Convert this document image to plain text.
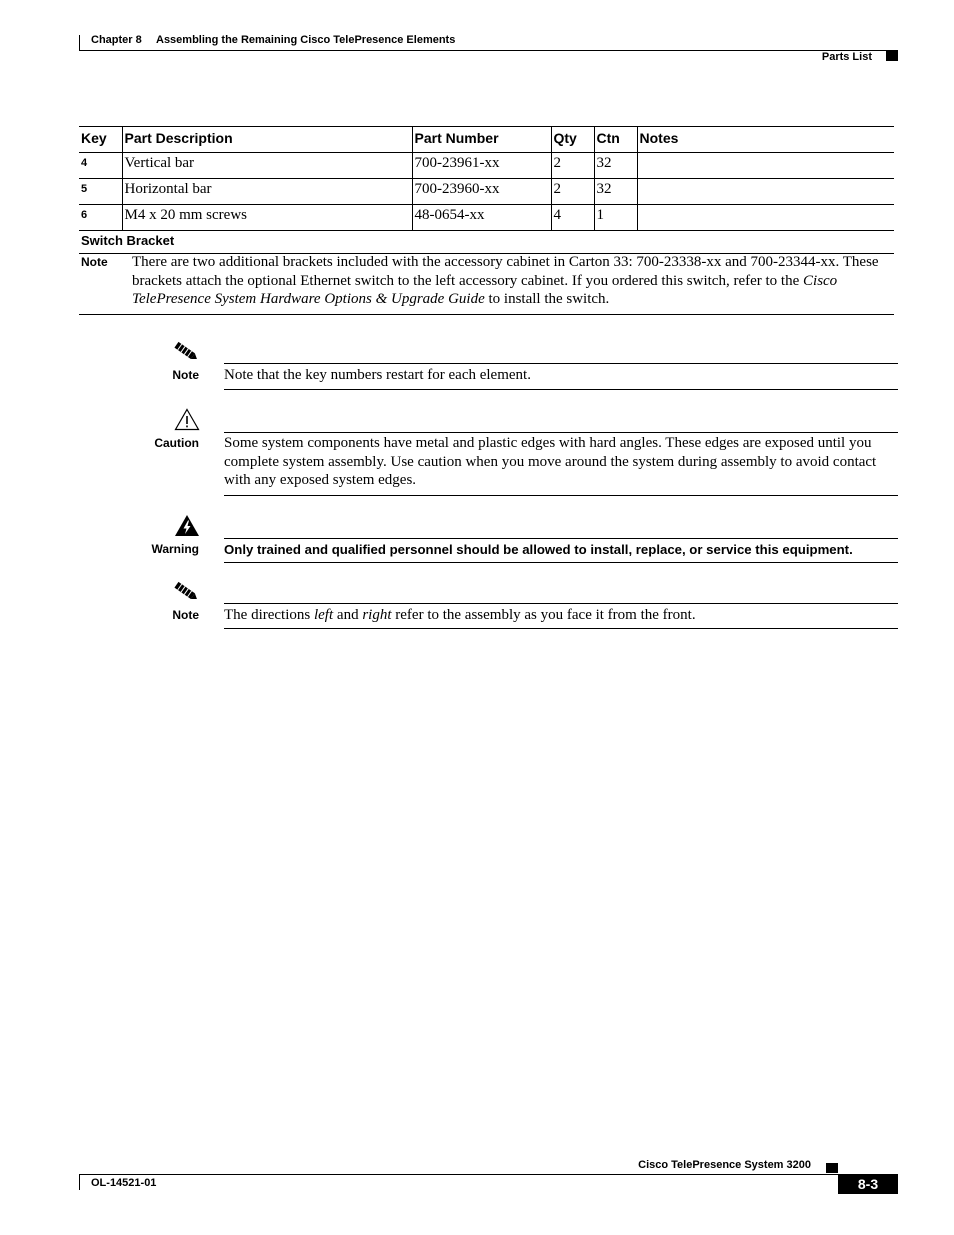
Chapter 8 Assembling the Remaining Cisco TelePresence Elements
Parts List
Key	Part Description	Part Number	Qty	Ctn	Notes
4	Vertical bar	700-23961-xx	2	32	
5	Horizontal bar	700-23960-xx	2	32	
6	M4 x 20 mm screws	48-0654-xx	4	1	
Switch Bracket					
Note There are two additional brackets included with the accessory cabinet in Carton 33: 700-23338-xx and 700-23344-xx. These brackets attach the optional Ethernet switch to the left accessory cabinet. If you ordered this switch, refer to the Cisco TelePresence System Hardware Options & Upgrade Guide to install the switch.
Note Note that the key numbers restart for each element.
Caution Some system components have metal and plastic edges with hard angles. These edges are exposed until you complete system assembly. Use caution when you move around the system during assembly to avoid contact with any exposed system edges.
Warning Only trained and qualified personnel should be allowed to install, replace, or service this equipment.
Note The directions left and right refer to the assembly as you face it from the front.
Cisco TelePresence System 3200
OL-14521-01	8-3
